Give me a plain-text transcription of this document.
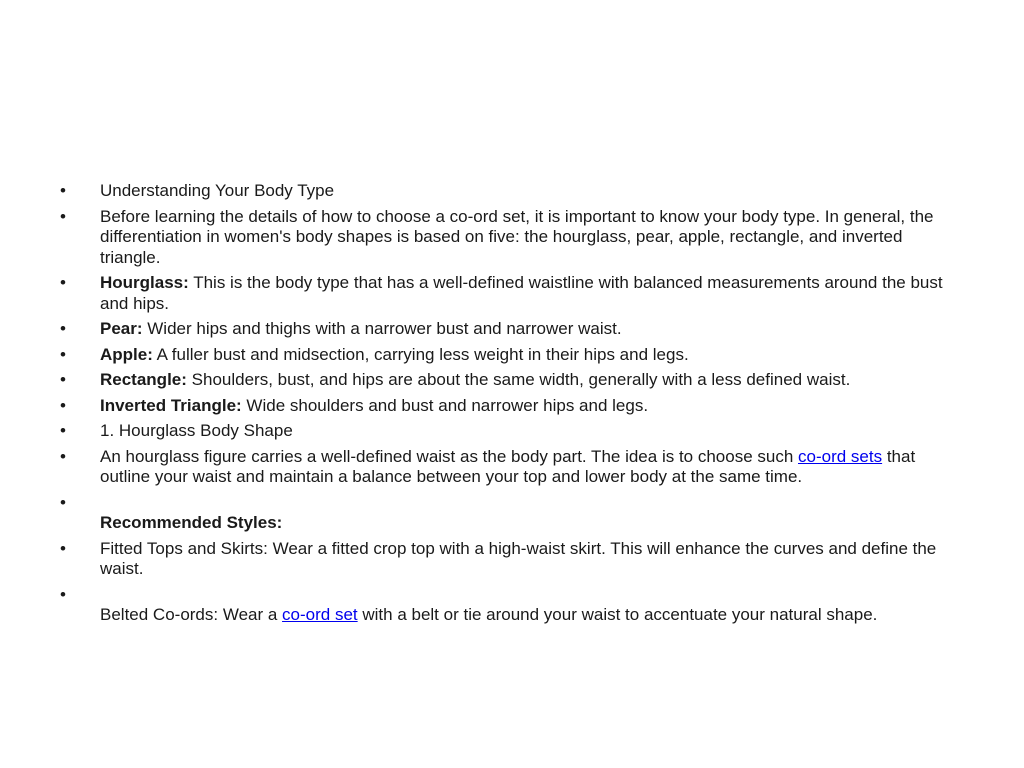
• Understanding Your Body Type
• Before learning the details of how to choose a co-ord set, it is important to know your body type. In general, the differentiation in women's body shapes is based on five: the hourglass, pear, apple, rectangle, and inverted triangle.
• Hourglass: This is the body type that has a well-defined waistline with balanced measurements around the bust and hips.
• Pear: Wider hips and thighs with a narrower bust and narrower waist.
• Apple: A fuller bust and midsection, carrying less weight in their hips and legs.
• Rectangle: Shoulders, bust, and hips are about the same width, generally with a less defined waist.
• Inverted Triangle: Wide shoulders and bust and narrower hips and legs.
• 1. Hourglass Body Shape
• An hourglass figure carries a well-defined waist as the body part. The idea is to choose such co-ord sets that outline your waist and maintain a balance between your top and lower body at the same time.
•
Recommended Styles:
• Fitted Tops and Skirts: Wear a fitted crop top with a high-waist skirt. This will enhance the curves and define the waist.
•
Belted Co-ords: Wear a co-ord set with a belt or tie around your waist to accentuate your natural shape.
